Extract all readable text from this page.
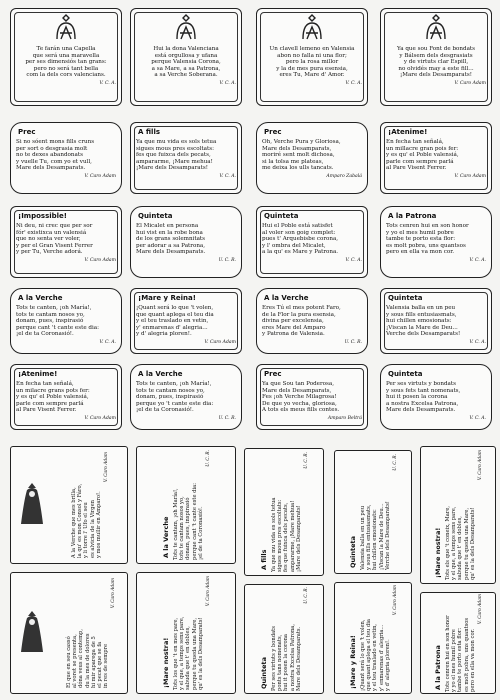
Te farán una Capella
que será una maravella
per ses dimensiós tan grans:
pero no será tant bella
com la dels cors valencians.
V. C. A.
Hui la dona Valenciana
está orgullosa y ufana
perque Valensia Corona,
a sa Mare, a sa Patrona,
a sa Verche Soberana.
V. C. A.
Un clavell lemeno en Valensia
abon no falla ni una flor;
pero la rosa millor
y la de mes pura esensia,
eres Tu, Mare d' Amor.
V. C. A.
Ya que sou Font de bondats
y Bálsem dels desgrasiats
y de virtuts clar Espill,
no olvidés may a este fill...
¡Mare dels Desamparats!
V. Caro Adam
Prec
Si no sóent mons fills cruns
per sort o desgrasia molt
no te dexes abandonats
y vuelle Tu, com yo et vull,
Mare dels Desamparats.
V. Caro Adam
A fills
Ya que mu vida es sols tetua
sigues mous pres escoltats:
fes que fuixca dels pecats,
ampararme, ¡Mare mehua!
¡Mare dels Desamparats!
V. C. A.
Prec
Oh, Verche Pura y Gloriosa,
Mare dels Desamparats,
moriré sent molt dichosa,
si la tolsa me plateas,
me deixa los ulls tancats.
Amparo Zabalá
¡Atenime!
En fecha tan señalá,
un millacre gran pois fer:
y es qu' el Poble valensiá,
parle com sempre parlá
al Pare Visent Ferrer.
V. Caro Adam
¡Impossible!
Ni deu, ni crec que per sor
fór' existixca un valensiá
que no senta ver voler,
y per el Gran Visent Ferrer
y per Tu, Verche adorá.
V. Caro Adam
Quinteta
El Micalet en persona
hui vist en la robe bona
de los grans solemnitats
per adorar a sa Patrona,
Mare dels Desamparats.
U. C. R.
Quinteta
Hui el Poble está satisfet
al voler son goig complet:
pues t' Arquebisbe corona,
y l' ombra del Micalet,
a la qu' es Mare y Patrona.
V. C. A.
A la Patrona
Tots cenren hui en son honor
y yo el mes humil pobre
tambe te porto esta flor:
es molt pobra, uns quantsos
pero en ella va mon cor.
V. C. A.
A la Verche
Tots te canten, ¡oh María!,
tots te cantam nosos yo,
donam, pues, inspirasió
perque cant 't cante este dia:
¡el de ta Coronasió!.
V. C. A.
¡Mare y Reina!
¡Quant será lo que 't volen,
que quant aplega el teu dia
y el teu traslado en vetin,
y' enmarenas d' alegria...
y d' alegria ploren!.
V. Caro Adam
A la Verche
Eres Tú el mes potent Faro,
de la Flor la pura esensia,
divina per excelensia,
eres Mare del Amparo
y Patrona de Valensia.
U. C. R.
Quinteta
Valensia balla en un peu
y sous fills entusiasmats,
hui chillen emosionats:
¡Viscan la Mare de Deu...
Verche dels Desamparats!
V. C. A.
¡Atenime!
En fecha tan señalá,
un milacre grans pots fer:
y es qu' el Poble valensiá,
parle com sempre parlá
al Pare Visent Ferrer.
V. Caro Adam
A la Verche
Tots te canten, ¡oh María!,
tots te cantam nosos yo,
donam, pues, inspirasió
perque yo 't cante este dia:
¡el de ta Coronasió!.
U. C. R.
Prec
Ya que Sou tan Poderosa,
Mare dels Desamparats,
Fes ¡oh Verche Milagrosa!
De que yo vecha, gloriosa,
A tots els meus fills contes.
Amparo Beltrá
Quinteta
Per ses virtuts y bondats
y sous fets tant nomenats,
hui it posen la corona
a nostra Excelsa Patrona,
Mare dels Desamparats.
V. C. A.
A la Verche que mes brilla,
la qu' es mon Consol y Fáro,
y li torre l' Ufo el seu
es alvicia de la Virgen
y mos mullir en Amparo!.
V. Caro Adam
A la Verche Tots te cantam, ¡oh María!,
tots te cantam nosos yo,
donam, pues, inspirasió
perque cant 't cante este dia:
¡el de ta Coronasió!.
U. C. R.
A fills Ya que mu vida es sols tetua
sigues mous pres escoltats:
fes que fuixca dels pecats,
ampararme, ¡Mare mehua!
¡Mare dels Desamparats!
U. C. R.
Quinteta Valensia balla en un peu
y sous fills entusiasmats,
hui chillen emosionats:
¡Viscan la Mare de Deu...
Verche dels Desamparats!
U. C. R.
¡Mare nostra! Tots els que 't coneix, Mare,
y el que, a temps sens pare,
sabuda que t' en dobles,
perque tu queda una Mare,
qu' es la dels Desamparats!
V. Caro Adam
El que en seu cassó
al voret se presenta,
dóna veus al contemp,
du la mes de dolores
hi mir aparega de 5
el pecat que se fa
in res de sempre
V. Caro Adam
¡Mare nostra! Tots los que 't en mes pare,
y el que, a temps sens pare,
sabuda que t' en dobles,
perque tu queda una Mare,
qu' es la dels Desamparats!
V. Caro Adam
Quinteta Per ses virtuts y bondats
ponts tans nomenats,
hui it posen la corona
a nostra Excelsa Patrona,
Mare dels Desamparats.
U. C. R.
¡Mare y Reina! ¡Quant será lo que 't volen,
que quant aplega el teu dia
y el teu traslado en vetin,
y' enmarenas d' alegria...
y d' alegria ploren!.
V. Caro Adam
A la Patrona Tots cenren hui en son honor
y yo el mes humil pobre
tambe te porto esta flor:
es molt pobra, uns quantsos
pero en ella va mon cor.
V. Caro Adam
